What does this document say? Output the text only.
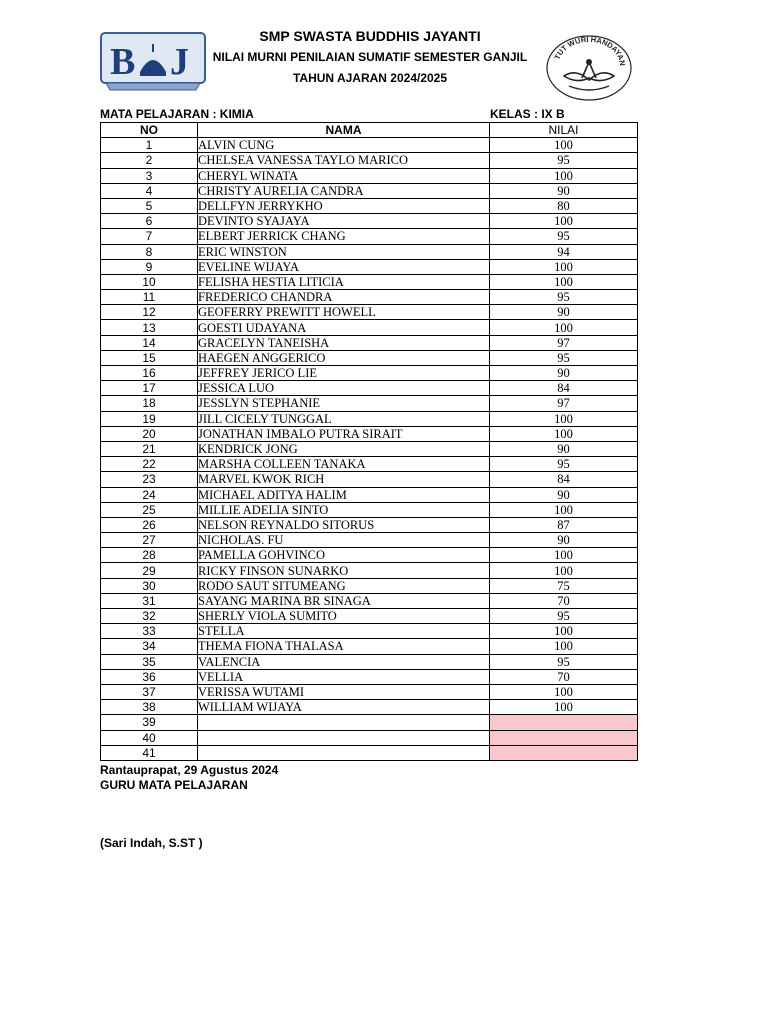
B J	TUT WURI HANDAYAN
SMP SWASTA BUDDHIS JAYANTI
NILAI MURNI PENILAIAN SUMATIF SEMESTER GANJIL
TAHUN AJARAN 2024/2025
MATA PELAJARAN : KIMIA	KELAS : IX B
NO	NAMA	NILAI
1	ALVIN CUNG	100
2	CHELSEA VANESSA TAYLO MARICO	95
3	CHERYL WINATA	100
4	CHRISTY AURELIA CANDRA	90
5	DELLFYN JERRYKHO	80
6	DEVINTO SYAJAYA	100
7	ELBERT JERRICK CHANG	95
8	ERIC WINSTON	94
9	EVELINE WIJAYA	100
10	FELISHA HESTIA LITICIA	100
11	FREDERICO CHANDRA	95
12	GEOFERRY PREWITT HOWELL	90
13	GOESTI UDAYANA	100
14	GRACELYN TANEISHA	97
15	HAEGEN ANGGERICO	95
16	JEFFREY JERICO LIE	90
17	JESSICA LUO	84
18	JESSLYN STEPHANIE	97
19	JILL CICELY TUNGGAL	100
20	JONATHAN IMBALO PUTRA SIRAIT	100
21	KENDRICK JONG	90
22	MARSHA COLLEEN TANAKA	95
23	MARVEL KWOK RICH	84
24	MICHAEL ADITYA HALIM	90
25	MILLIE ADELIA SINTO	100
26	NELSON REYNALDO SITORUS	87
27	NICHOLAS. FU	90
28	PAMELLA GOHVINCO	100
29	RICKY FINSON SUNARKO	100
30	RODO SAUT SITUMEANG	75
31	SAYANG MARINA BR SINAGA	70
32	SHERLY VIOLA SUMITO	95
33	STELLA	100
34	THEMA FIONA THALASA	100
35	VALENCIA	95
36	VELLIA	70
37	VERISSA WUTAMI	100
38	WILLIAM WIJAYA	100
39		
40		
41		
Rantauprapat, 29 Agustus 2024
GURU MATA PELAJARAN
(Sari Indah, S.ST )
